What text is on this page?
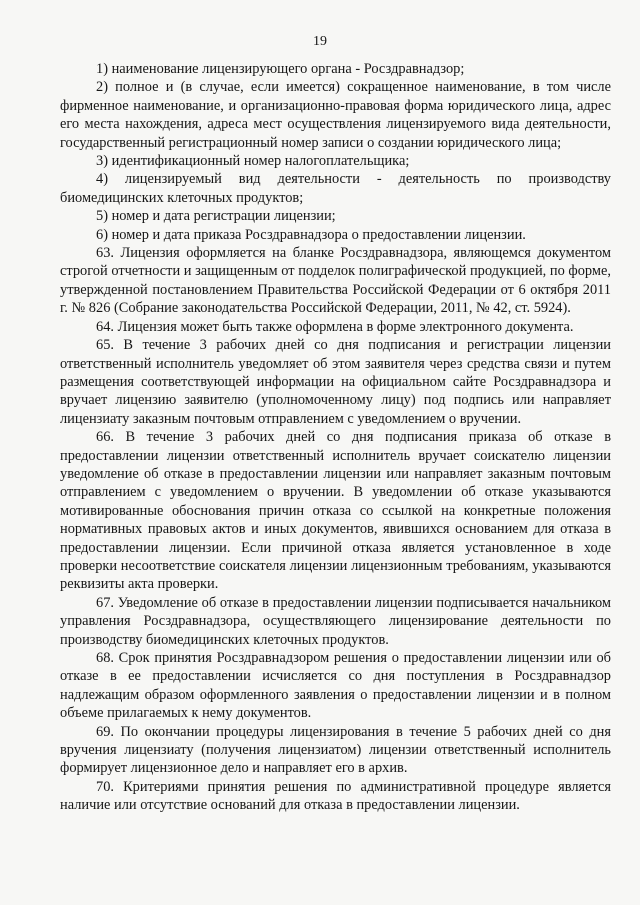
19

1) наименование лицензирующего органа - Росздравнадзор;

2) полное и (в случае, если имеется) сокращенное наименование, в том числе фирменное наименование, и организационно-правовая форма юридического лица, адрес его места нахождения, адреса мест осуществления лицензируемого вида деятельности, государственный регистрационный номер записи о создании юридического лица;

3) идентификационный номер налогоплательщика;

4) лицензируемый вид деятельности - деятельность по производству биомедицинских клеточных продуктов;

5) номер и дата регистрации лицензии;

6) номер и дата приказа Росздравнадзора о предоставлении лицензии.

63. Лицензия оформляется на бланке Росздравнадзора, являющемся документом строгой отчетности и защищенным от подделок полиграфической продукцией, по форме, утвержденной постановлением Правительства Российской Федерации от 6 октября 2011 г. № 826 (Собрание законодательства Российской Федерации, 2011, № 42, ст. 5924).

64. Лицензия может быть также оформлена в форме электронного документа.

65. В течение 3 рабочих дней со дня подписания и регистрации лицензии ответственный исполнитель уведомляет об этом заявителя через средства связи и путем размещения соответствующей информации на официальном сайте Росздравнадзора и вручает лицензию заявителю (уполномоченному лицу) под подпись или направляет лицензиату заказным почтовым отправлением с уведомлением о вручении.

66. В течение 3 рабочих дней со дня подписания приказа об отказе в предоставлении лицензии ответственный исполнитель вручает соискателю лицензии уведомление об отказе в предоставлении лицензии или направляет заказным почтовым отправлением с уведомлением о вручении. В уведомлении об отказе указываются мотивированные обоснования причин отказа со ссылкой на конкретные положения нормативных правовых актов и иных документов, явившихся основанием для отказа в предоставлении лицензии. Если причиной отказа является установленное в ходе проверки несоответствие соискателя лицензии лицензионным требованиям, указываются реквизиты акта проверки.

67. Уведомление об отказе в предоставлении лицензии подписывается начальником управления Росздравнадзора, осуществляющего лицензирование деятельности по производству биомедицинских клеточных продуктов.

68. Срок принятия Росздравнадзором решения о предоставлении лицензии или об отказе в ее предоставлении исчисляется со дня поступления в Росздравнадзор надлежащим образом оформленного заявления о предоставлении лицензии и в полном объеме прилагаемых к нему документов.

69. По окончании процедуры лицензирования в течение 5 рабочих дней со дня вручения лицензиату (получения лицензиатом) лицензии ответственный исполнитель формирует лицензионное дело и направляет его в архив.

70. Критериями принятия решения по административной процедуре является наличие или отсутствие оснований для отказа в предоставлении лицензии.
